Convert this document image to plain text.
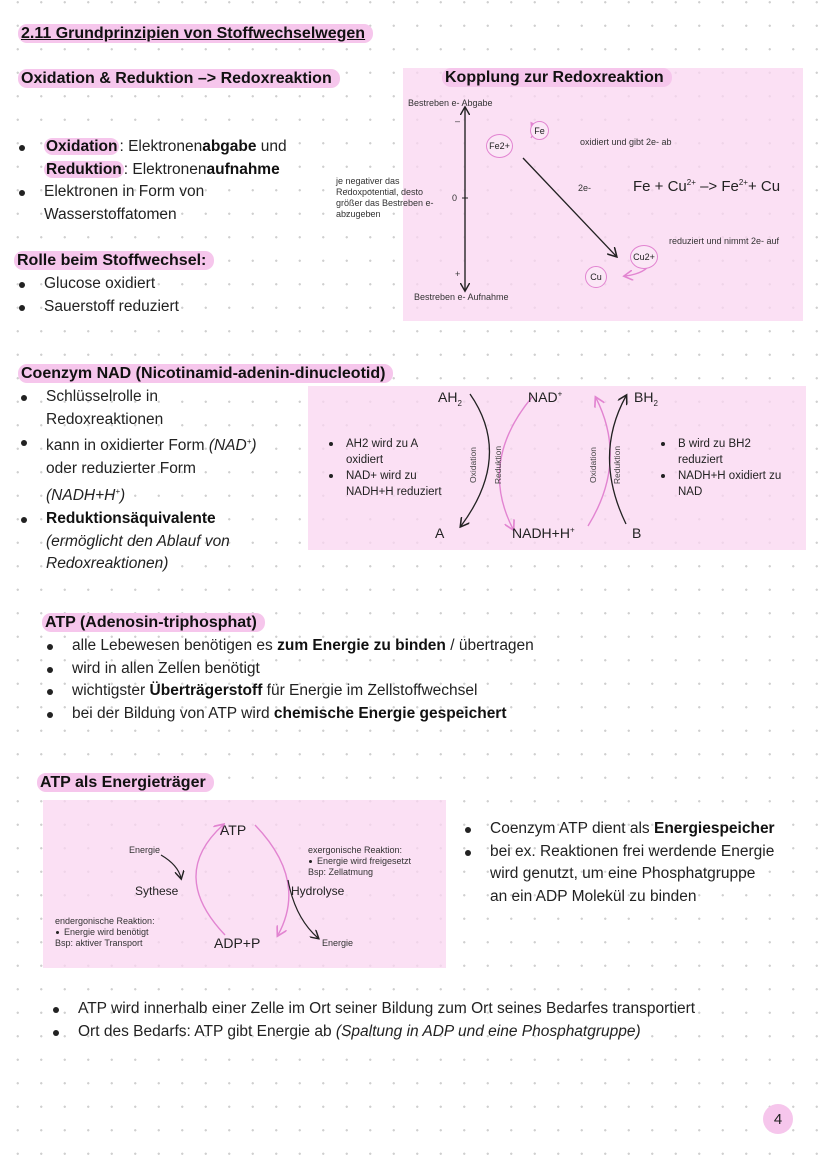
2.11 Grundprinzipien von Stoffwechselwegen
Oxidation & Reduktion –> Redoxreaktion
Oxidation : Elektronenabgabe und
Reduktion : Elektronenaufnahme
Elektronen in Form von
Wasserstoffatomen
Rolle beim Stoffwechsel:
Glucose oxidiert
Sauerstoff reduziert
Kopplung zur Redoxreaktion
Bestreben e- Abgabe
Bestreben e- Aufnahme
–
0
+
je negativer das
Redoxpotential, desto
größer das Bestreben e-
abzugeben
Fe
Fe2+
Cu2+
Cu
oxidiert und gibt 2e- ab
2e-
reduziert und nimmt 2e- auf
$Fe + Cu^{2+} -> Fe^{2+}+ Cu$
Coenzym NAD (Nicotinamid-adenin-dinucleotid)
Schlüsselrolle in
Redoxreaktionen
kann in oxidierter Form (NAD+)
oder reduzierter Form
(NADH+H+)
Reduktionsäquivalente
(ermöglicht den Ablauf von
Redoxreaktionen)
$AH_2$	NAD+	$BH_2$
A	NADH+H+	B
Oxidation Reduktion	Oxidation Reduktion
AH2 wird zu A
oxidiert
NAD+ wird zu
NADH+H reduziert
B wird zu BH2
reduziert
NADH+H oxidiert zu
NAD
ATP (Adenosin-triphosphat)
alle Lebewesen benötigen es zum Energie zu binden / übertragen
wird in allen Zellen benötigt
wichtigster Überträgerstoff für Energie im Zellstoffwechsel
bei der Bildung von ATP wird chemische Energie gespeichert
ATP als Energieträger
ATP
ADP+P
Energie
Sythese	Hydrolyse
Energie
exergonische Reaktion:
Energie wird freigesetzt
Bsp: Zellatmung
endergonische Reaktion:
Energie wird benötigt
Bsp: aktiver Transport
Coenzym ATP dient als Energiespeicher
bei ex. Reaktionen frei werdende Energie
wird genutzt, um eine Phosphatgruppe
an ein ADP Molekül zu binden
ATP wird innerhalb einer Zelle im Ort seiner Bildung zum Ort seines Bedarfes transportiert
Ort des Bedarfs: ATP gibt Energie ab (Spaltung in ADP und eine Phosphatgruppe)
4
